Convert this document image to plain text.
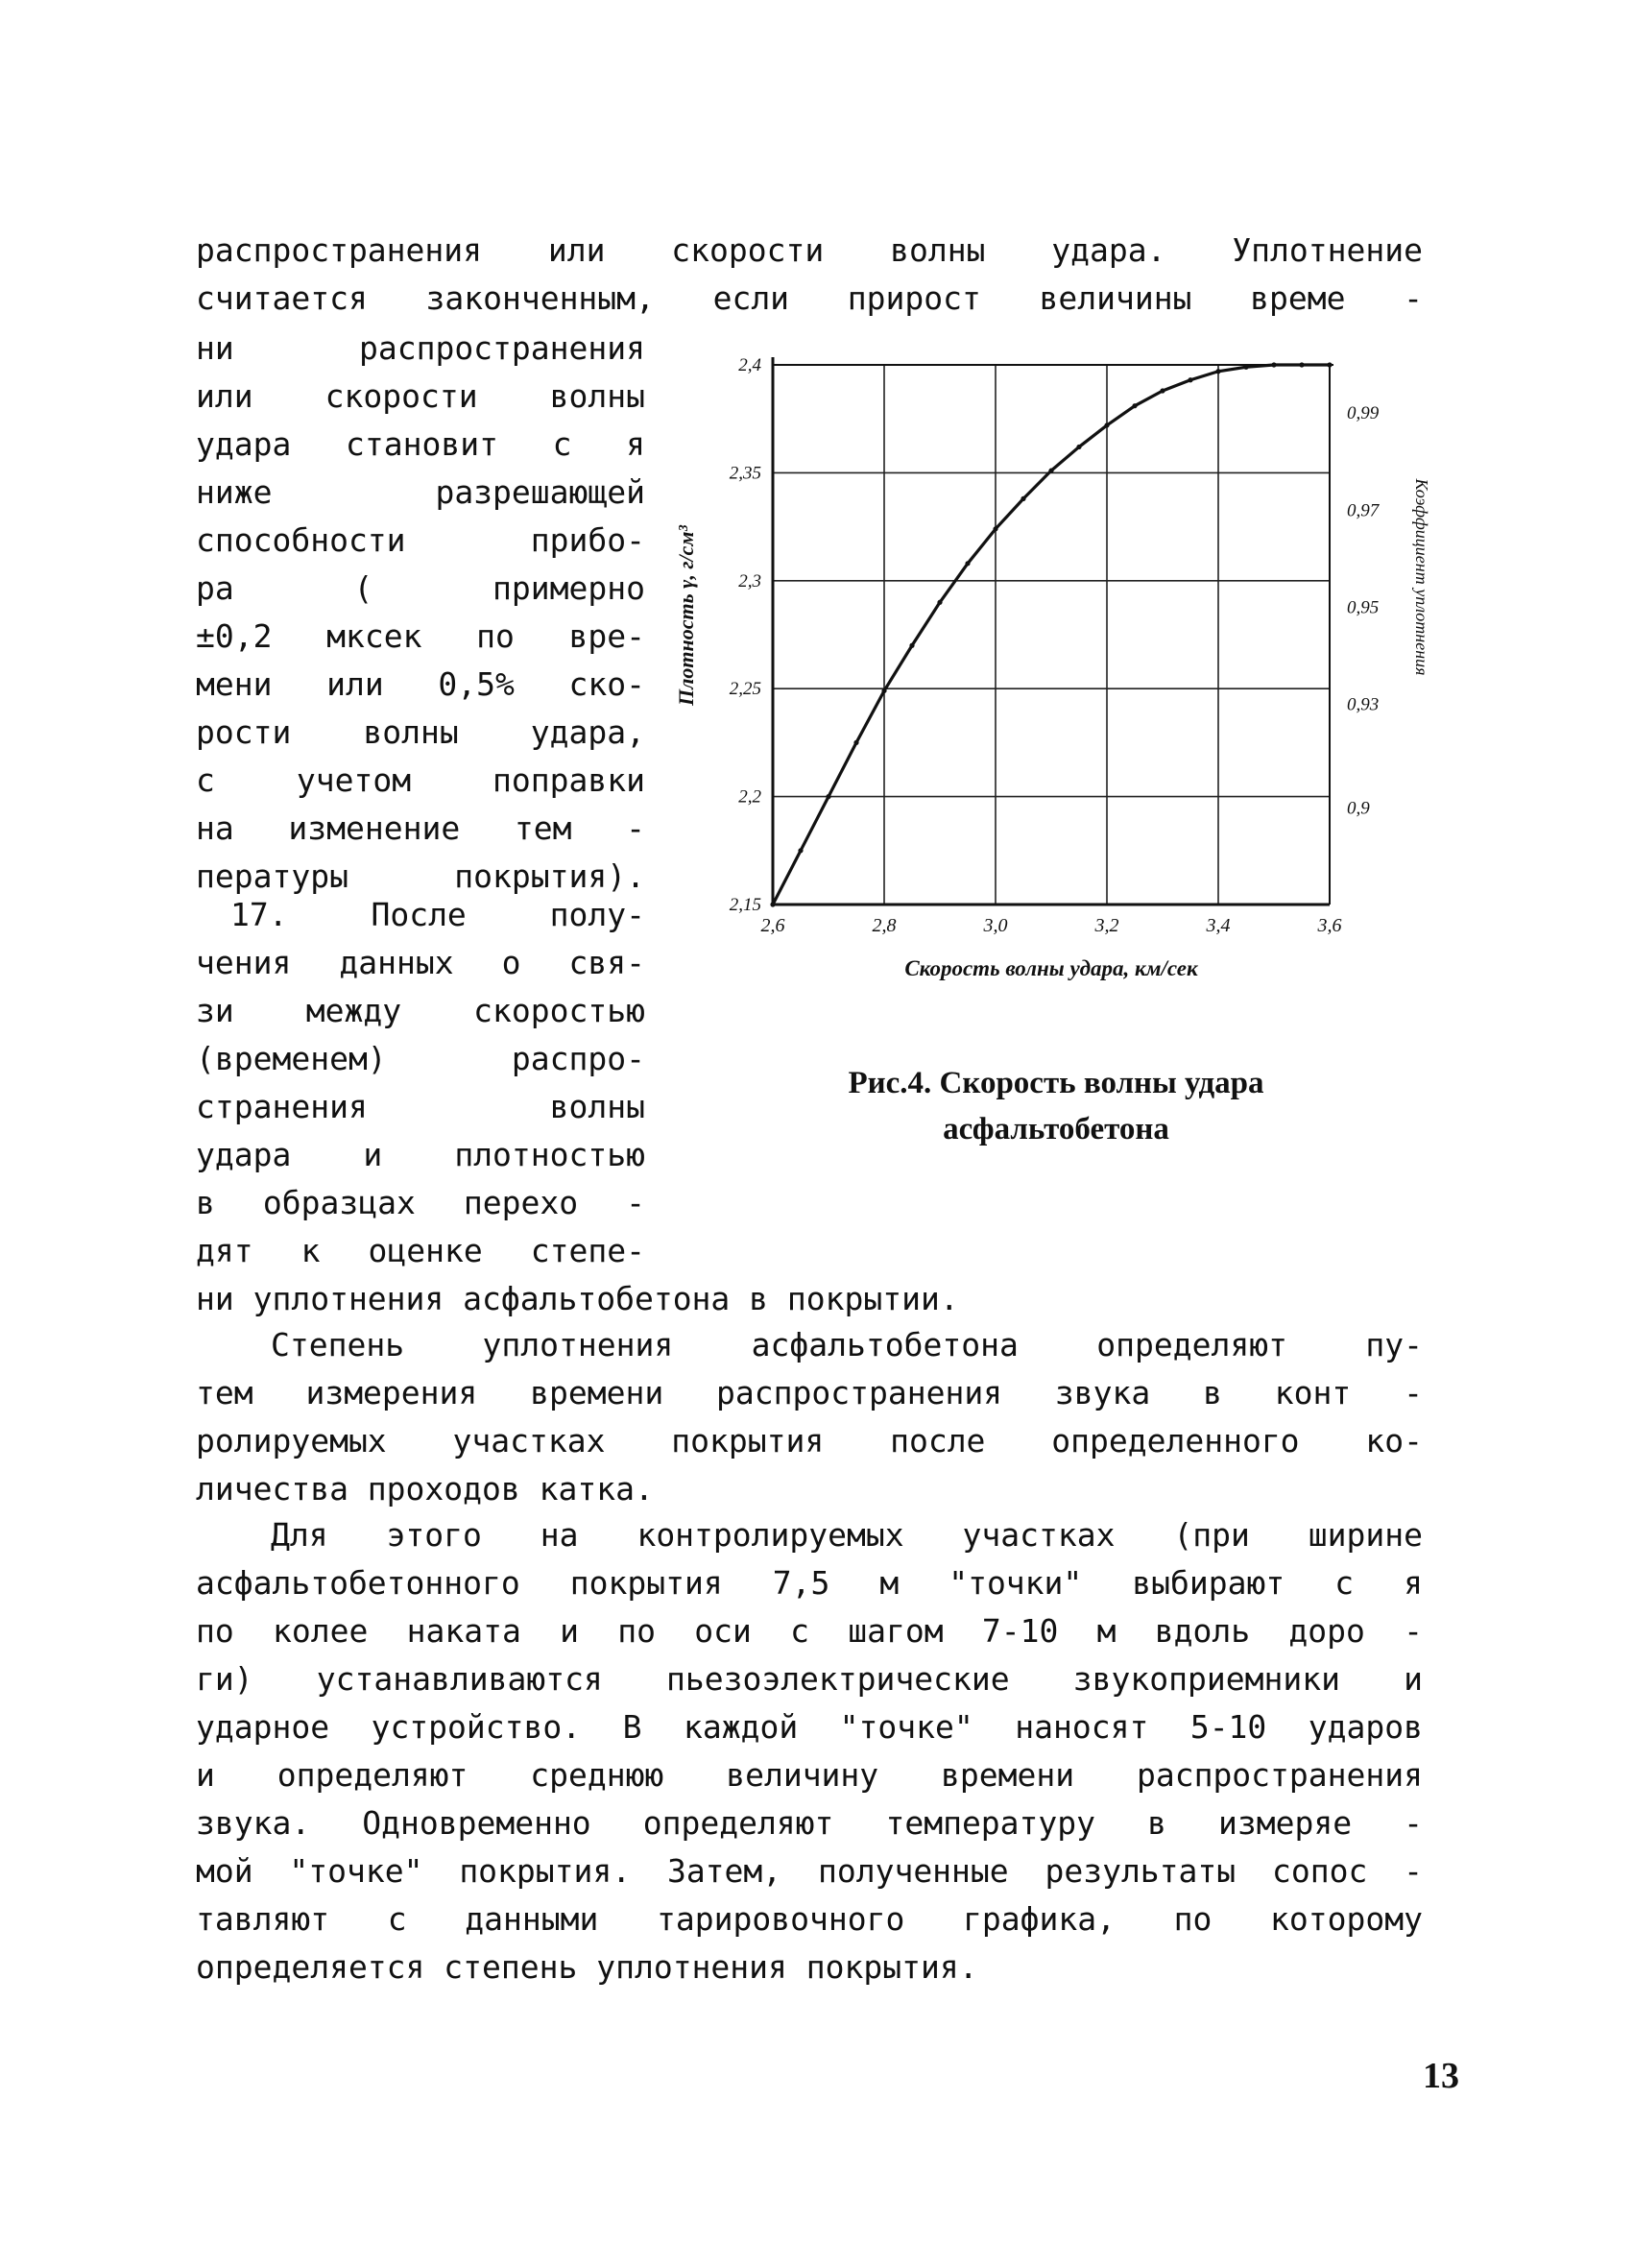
распространения или скорости волны удара. Уплотнение

считается законченным, если прирост величины време -

ни распространения

или скорости волны

удара становит с я

ниже разрешающей

способности прибо-

ра ( примерно

±0,2 мксек по вре-

мени или 0,5% ско-

рости волны удара,

с учетом поправки

на изменение тем -

пературы покрытия).

17. После полу-

чения данных о свя-

зи между скоростью

(временем) распро-

странения волны

удара и плотностью

в образцах перехо -

дят к оценке степе-

ни уплотнения асфальтобетона в покрытии.

Степень уплотнения асфальтобетона определяют пу-

тем измерения времени распространения звука в конт -

ролируемых участках покрытия после определенного ко-

личества проходов катка.

Для этого на контролируемых участках (при ширине

асфальтобетонного покрытия 7,5 м "точки" выбирают с я

по колее наката и по оси с шагом 7-10 м вдоль доро -

ги) устанавливаются пьезоэлектрические звукоприемники и

ударное устройство. В каждой "точке" наносят 5-10 ударов

и определяют среднюю величину времени распространения

звука. Одновременно определяют температуру в измеряе -

мой "точке" покрытия. Затем, полученные результаты сопос -

тавляют с данными тарировочного графика, по которому

определяется степень уплотнения покрытия.

2,4
2,35
2,3
2,25
2,2
2,15
2,6	2,8	3,0	3,2	3,4	3,6
0,99
0,97
0,95
0,93
0,9
Скорость волны удара, км/сек
Плотность γ, г/см³	Коэффициент уплотнения
Рис.4. Скорость волны удара
асфальтобетона
13
